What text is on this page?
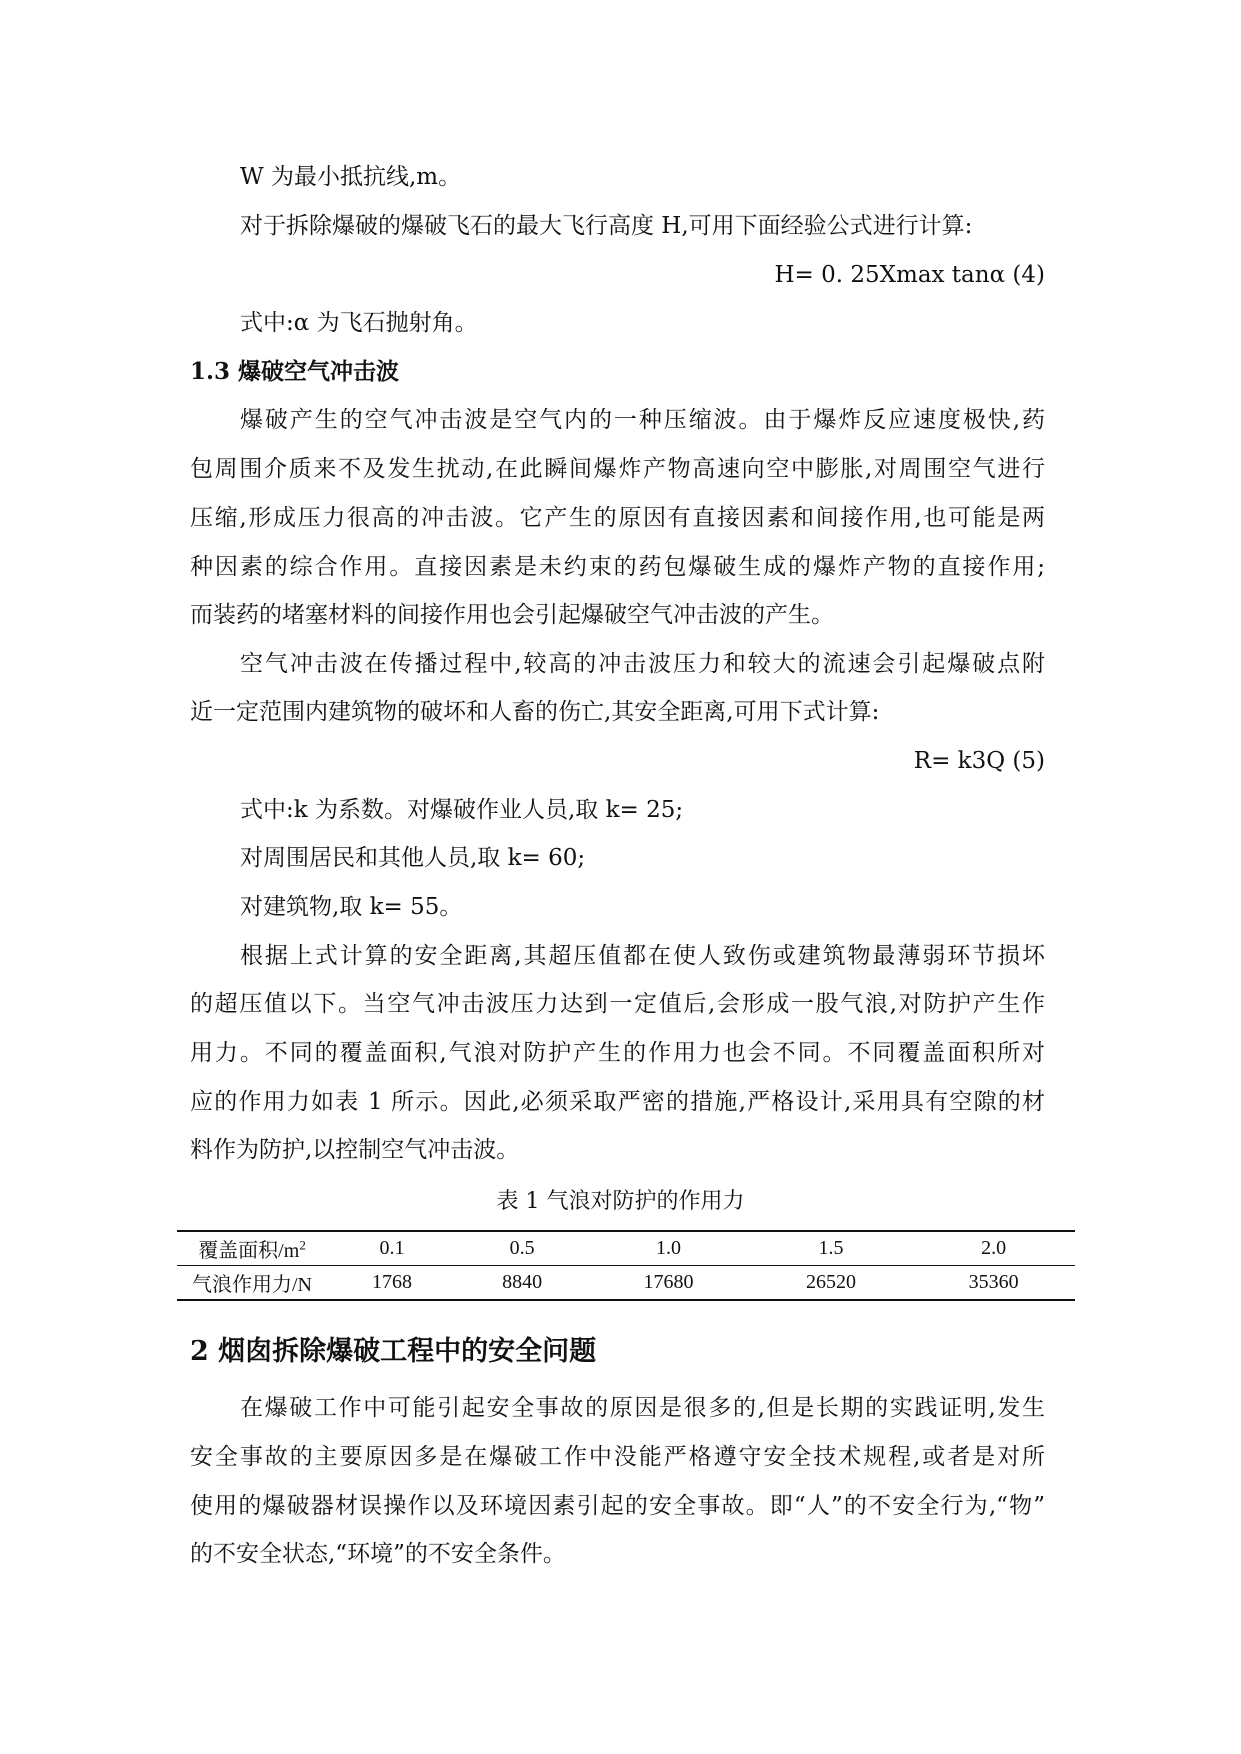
W 为最小抵抗线,m。
对于拆除爆破的爆破飞石的最大飞行高度 H,可用下面经验公式进行计算:
H= 0. 25Xmax tanα (4)
式中:α 为飞石抛射角。
1.3 爆破空气冲击波
爆破产生的空气冲击波是空气内的一种压缩波。由于爆炸反应速度极快,药
包周围介质来不及发生扰动,在此瞬间爆炸产物高速向空中膨胀,对周围空气进行
压缩,形成压力很高的冲击波。它产生的原因有直接因素和间接作用,也可能是两
种因素的综合作用。直接因素是未约束的药包爆破生成的爆炸产物的直接作用;
而装药的堵塞材料的间接作用也会引起爆破空气冲击波的产生。
空气冲击波在传播过程中,较高的冲击波压力和较大的流速会引起爆破点附
近一定范围内建筑物的破坏和人畜的伤亡,其安全距离,可用下式计算:
R= k3Q (5)
式中:k 为系数。对爆破作业人员,取 k= 25;
对周围居民和其他人员,取 k= 60;
对建筑物,取 k= 55。
根据上式计算的安全距离,其超压值都在使人致伤或建筑物最薄弱环节损坏
的超压值以下。当空气冲击波压力达到一定值后,会形成一股气浪,对防护产生作
用力。不同的覆盖面积,气浪对防护产生的作用力也会不同。不同覆盖面积所对
应的作用力如表 1 所示。因此,必须采取严密的措施,严格设计,采用具有空隙的材
料作为防护,以控制空气冲击波。
表 1 气浪对防护的作用力
覆盖面积$/m^2$	0.1	0.5	1.0	1.5	2.0
气浪作用力/N	1768	8840	17680	26520	35360
2 烟囱拆除爆破工程中的安全问题
在爆破工作中可能引起安全事故的原因是很多的,但是长期的实践证明,发生
安全事故的主要原因多是在爆破工作中没能严格遵守安全技术规程,或者是对所
使用的爆破器材误操作以及环境因素引起的安全事故。即“人”的不安全行为,“物”
的不安全状态,“环境”的不安全条件。
